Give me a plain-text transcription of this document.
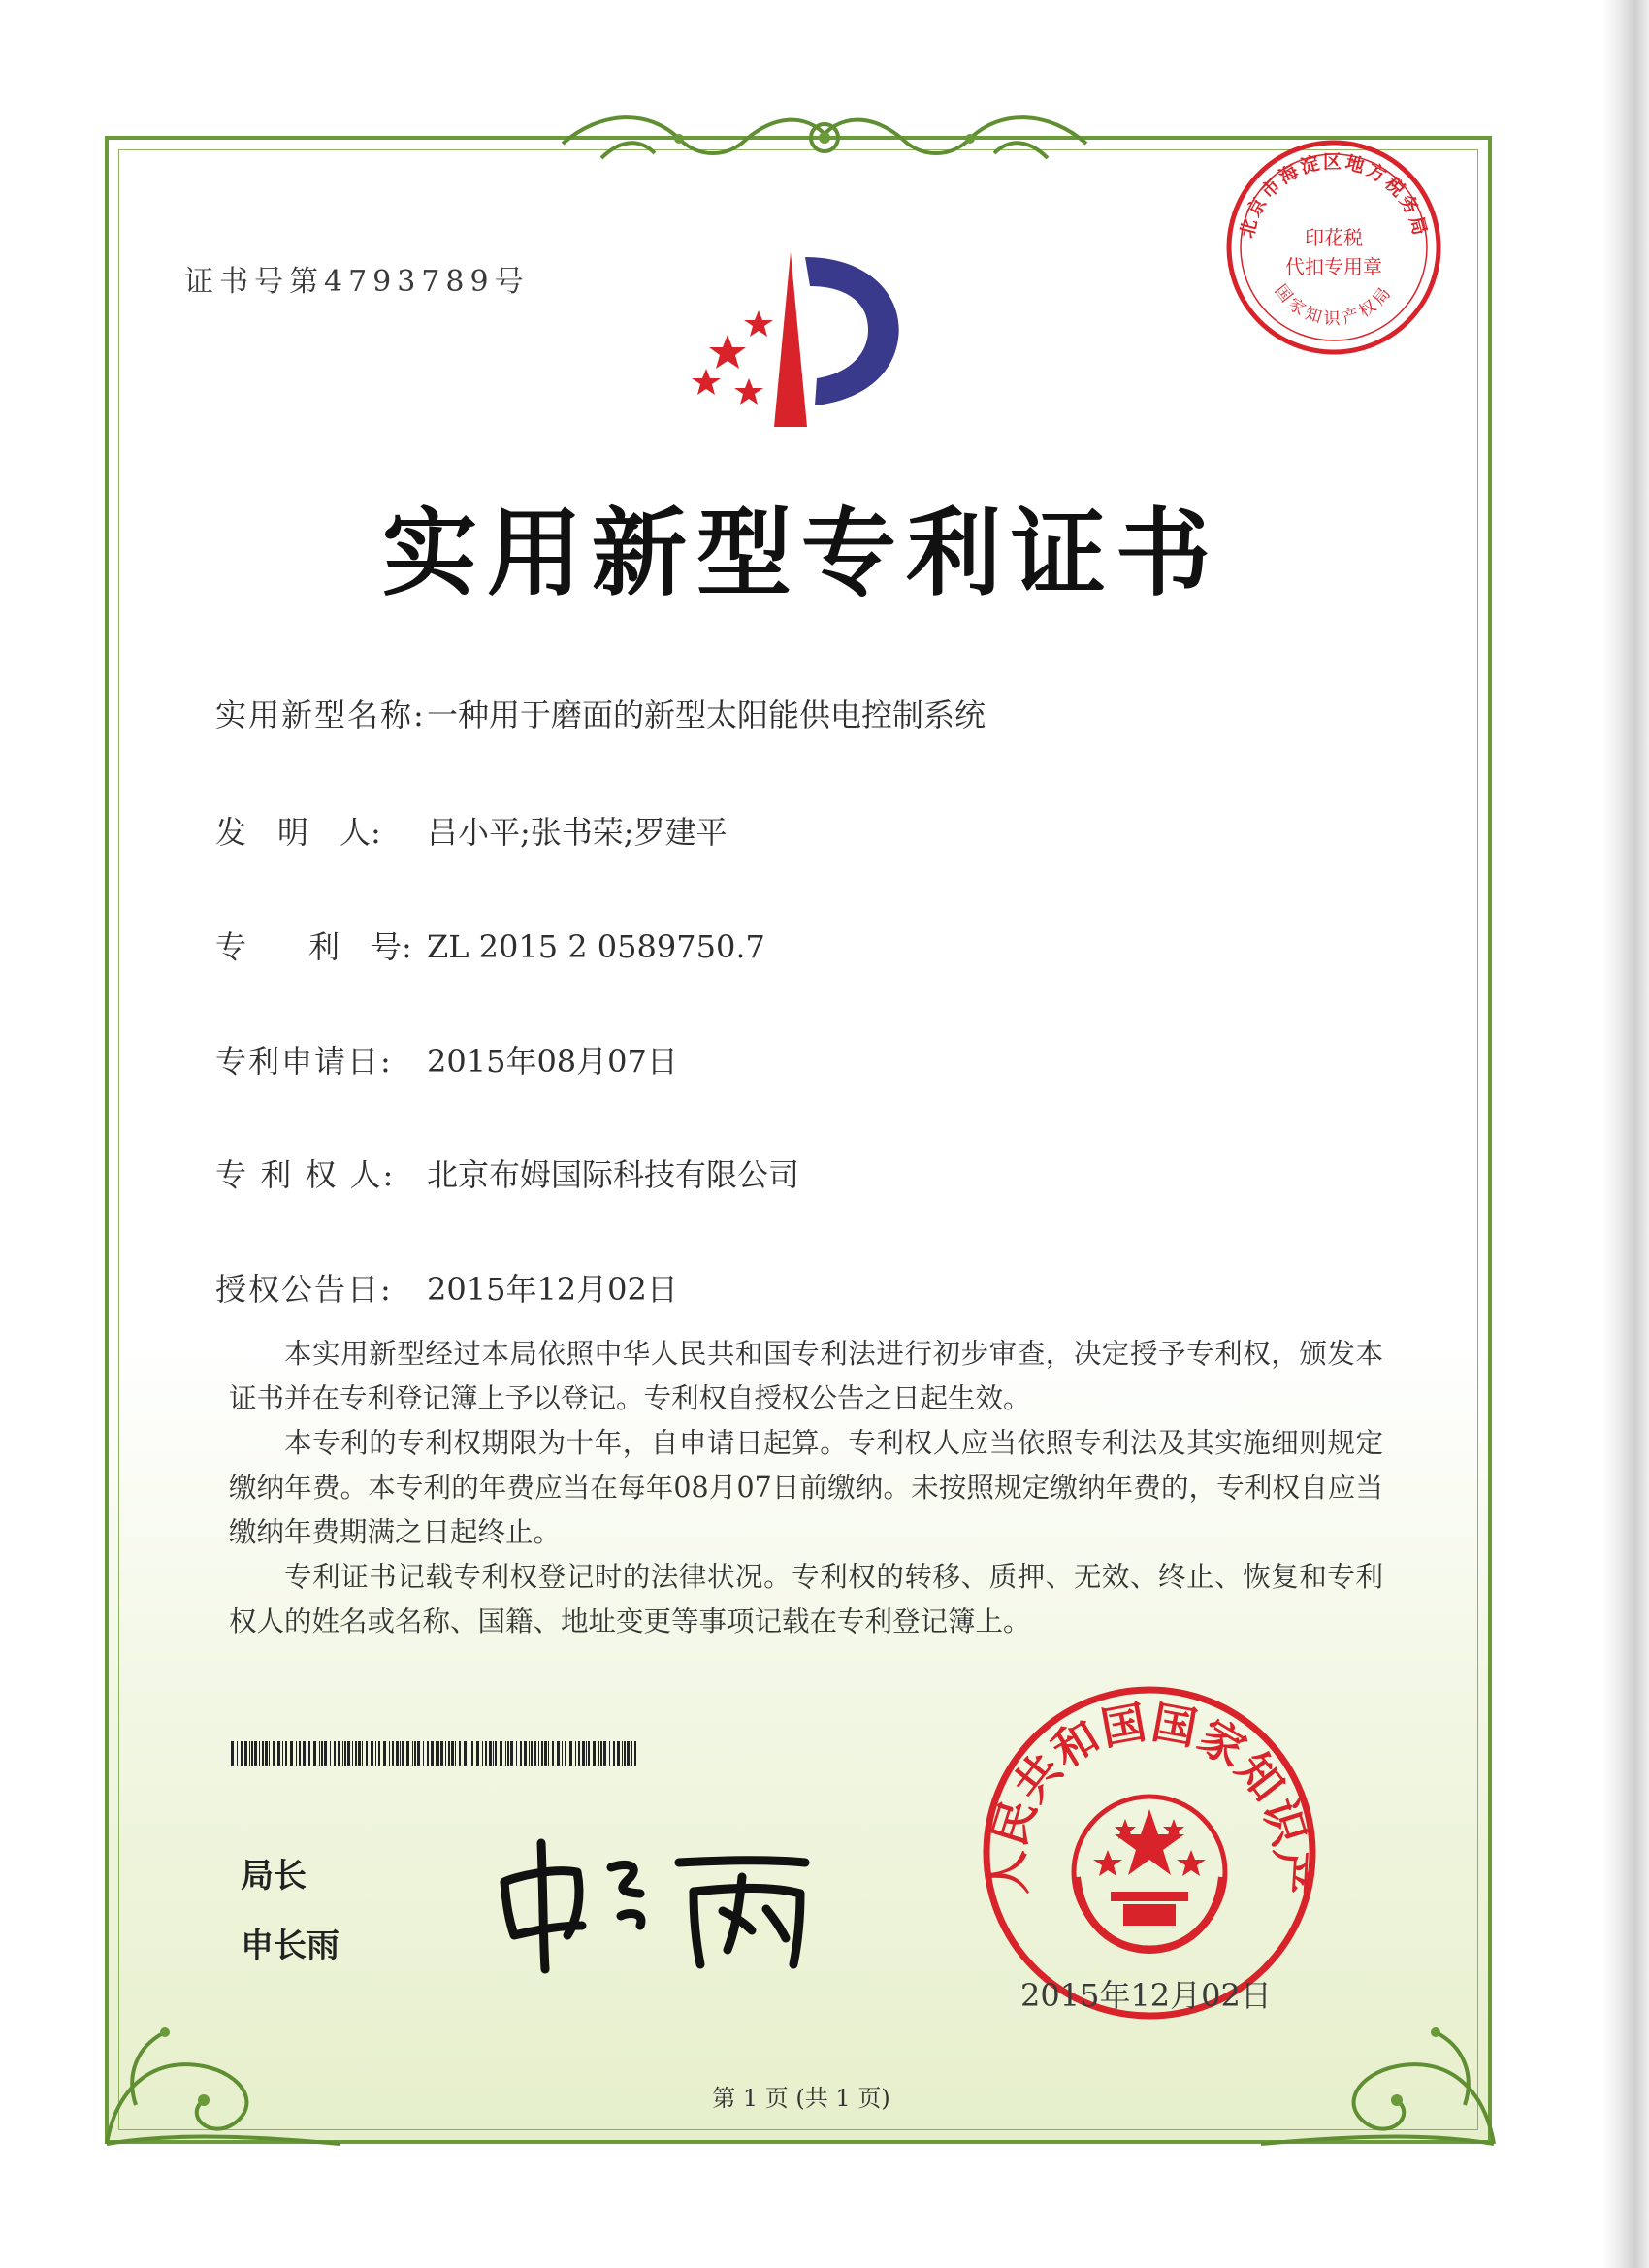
证书号第4793789号
北京市海淀区地方税务局
印花税
代扣专用章
国家知识产权局
实用新型专利证书
实用新型名称:一种用于磨面的新型太阳能供电控制系统
发　明　人: 吕小平;张书荣;罗建平
专　　利　号: ZL 2015 2 0589750.7
专利申请日: 2015年08月07日
专 利 权 人: 北京布姆国际科技有限公司
授权公告日: 2015年12月02日

本实用新型经过本局依照中华人民共和国专利法进行初步审查，决定授予专利权，颁发本证书并在专利登记簿上予以登记。专利权自授权公告之日起生效。

本专利的专利权期限为十年，自申请日起算。专利权人应当依照专利法及其实施细则规定缴纳年费。本专利的年费应当在每年08月07日前缴纳。未按照规定缴纳年费的，专利权自应当缴纳年费期满之日起终止。

专利证书记载专利权登记时的法律状况。专利权的转移、质押、无效、终止、恢复和专利权人的姓名或名称、国籍、地址变更等事项记载在专利登记簿上。

局长
申长雨
人民共和国国家知识产
2015年12月02日
第 1 页 (共 1 页)
